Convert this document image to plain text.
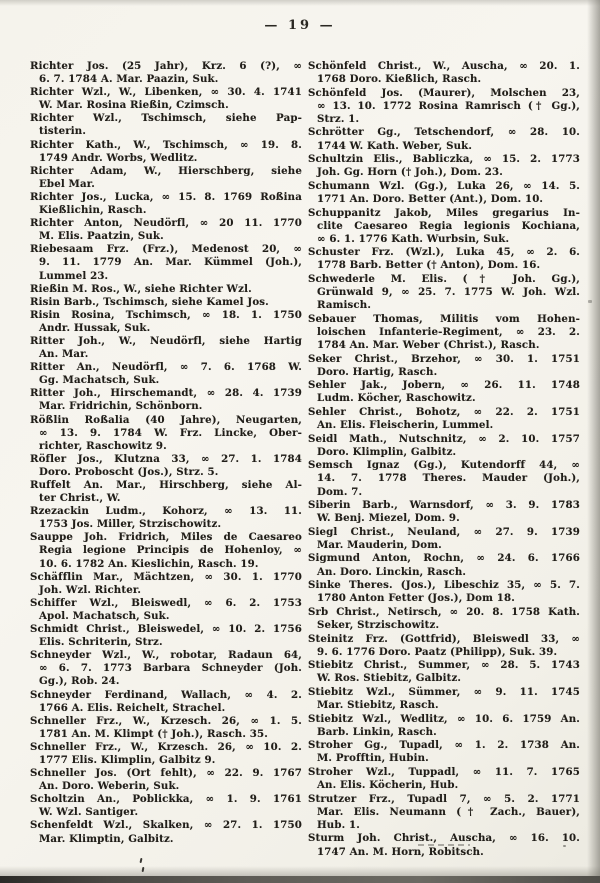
— 19 —
Richter Jos. (25 Jahr), Krz. 6 (?), ∞
6. 7. 1784 A. Mar. Paazin, Suk.
Richter Wzl., W., Libenken, ∞ 30. 4. 1741
W. Mar. Rosina Rießin, Czimsch.
Richter Wzl., Tschimsch, siehe Pap-
tisterin.
Richter Kath., W., Tschimsch, ∞ 19. 8.
1749 Andr. Worbs, Wedlitz.
Richter Adam, W., Hierschberg, siehe
Ebel Mar.
Richter Jos., Lucka, ∞ 15. 8. 1769 Roßina
Kießlichin, Rasch.
Richter Anton, Neudörfl, ∞ 20 11. 1770
M. Elis. Paatzin, Suk.
Riebesaam Frz. (Frz.), Medenost 20, ∞
9. 11. 1779 An. Mar. Kümmel (Joh.),
Lummel 23.
Rießin M. Ros., W., siehe Richter Wzl.
Risin Barb., Tschimsch, siehe Kamel Jos.
Risin Rosina, Tschimsch, ∞ 18. 1. 1750
Andr. Hussak, Suk.
Ritter Joh., W., Neudörfl, siehe Hartig
An. Mar.
Ritter An., Neudörfl, ∞ 7. 6. 1768 W.
Gg. Machatsch, Suk.
Ritter Joh., Hirschemandt, ∞ 28. 4. 1739
Mar. Fridrichin, Schönborn.
Rößlin Roßalia (40 Jahre), Neugarten,
∞ 13. 9. 1784 W. Frz. Lincke, Ober-
richter, Raschowitz 9.
Röfler Jos., Klutzna 33, ∞ 27. 1. 1784
Doro. Proboscht (Jos.), Strz. 5.
Ruffelt An. Mar., Hirschberg, siehe Al-
ter Christ., W.
Rzezackin Ludm., Kohorz, ∞ 13. 11.
1753 Jos. Miller, Strzischowitz.
Sauppe Joh. Fridrich, Miles de Caesareo
Regia legione Principis de Hohenloy, ∞
10. 6. 1782 An. Kieslichin, Rasch. 19.
Schäfflin Mar., Mächtzen, ∞ 30. 1. 1770
Joh. Wzl. Richter.
Schiffer Wzl., Bleiswedl, ∞ 6. 2. 1753
Apol. Machatsch, Suk.
Schmidt Christ., Bleiswedel, ∞ 10. 2. 1756
Elis. Schriterin, Strz.
Schneyder Wzl., W., robotar, Radaun 64,
∞ 6. 7. 1773 Barbara Schneyder (Joh.
Gg.), Rob. 24.
Schneyder Ferdinand, Wallach, ∞ 4. 2.
1766 A. Elis. Reichelt, Strachel.
Schneller Frz., W., Krzesch. 26, ∞ 1. 5.
1781 An. M. Klimpt († Joh.), Rasch. 35.
Schneller Frz., W., Krzesch. 26, ∞ 10. 2.
1777 Elis. Klimplin, Galbitz 9.
Schneller Jos. (Ort fehlt), ∞ 22. 9. 1767
An. Doro. Weberin, Suk.
Scholtzin An., Poblickka, ∞ 1. 9. 1761
W. Wzl. Santiger.
Schenfeldt Wzl., Skalken, ∞ 27. 1. 1750
Mar. Klimptin, Galbitz.
Schönfeld Christ., W., Auscha, ∞ 20. 1.
1768 Doro. Kießlich, Rasch.
Schönfeld Jos. (Maurer), Molschen 23,
∞ 13. 10. 1772 Rosina Ramrisch († Gg.),
Strz. 1.
Schrötter Gg., Tetschendorf, ∞ 28. 10.
1744 W. Kath. Weber, Suk.
Schultzin Elis., Babliczka, ∞ 15. 2. 1773
Joh. Gg. Horn († Joh.), Dom. 23.
Schumann Wzl. (Gg.), Luka 26, ∞ 14. 5.
1771 An. Doro. Better (Ant.), Dom. 10.
Schuppanitz Jakob, Miles gregarius In-
clite Caesareo Regia legionis Kochiana,
∞ 6. 1. 1776 Kath. Wurbsin, Suk.
Schuster Frz. (Wzl.), Luka 45, ∞ 2. 6.
1778 Barb. Better († Anton), Dom. 16.
Schwederle M. Elis. († Joh. Gg.),
Grünwald 9, ∞ 25. 7. 1775 W. Joh. Wzl.
Ramisch.
Sebauer Thomas, Militis vom Hohen-
loischen Infanterie-Regiment, ∞ 23. 2.
1784 An. Mar. Weber (Christ.), Rasch.
Seker Christ., Brzehor, ∞ 30. 1. 1751
Doro. Hartig, Rasch.
Sehler Jak., Jobern, ∞ 26. 11. 1748
Ludm. Köcher, Raschowitz.
Sehler Christ., Bohotz, ∞ 22. 2. 1751
An. Elis. Fleischerin, Lummel.
Seidl Math., Nutschnitz, ∞ 2. 10. 1757
Doro. Klimplin, Galbitz.
Semsch Ignaz (Gg.), Kutendorff 44, ∞
14. 7. 1778 Theres. Mauder (Joh.),
Dom. 7.
Siberin Barb., Warnsdorf, ∞ 3. 9. 1783
W. Benj. Miezel, Dom. 9.
Siegl Christ., Neuland, ∞ 27. 9. 1739
Mar. Mauderin, Dom.
Sigmund Anton, Rochn, ∞ 24. 6. 1766
An. Doro. Linckin, Rasch.
Sinke Theres. (Jos.), Libeschiz 35, ∞ 5. 7.
1780 Anton Fetter (Jos.), Dom 18.
Srb Christ., Netirsch, ∞ 20. 8. 1758 Kath.
Seker, Strzischowitz.
Steinitz Frz. (Gottfrid), Bleiswedl 33, ∞
9. 6. 1776 Doro. Paatz (Philipp), Suk. 39.
Stiebitz Christ., Summer, ∞ 28. 5. 1743
W. Ros. Stiebitz, Galbitz.
Stiebitz Wzl., Sümmer, ∞ 9. 11. 1745
Mar. Stiebitz, Rasch.
Stiebitz Wzl., Wedlitz, ∞ 10. 6. 1759 An.
Barb. Linkin, Rasch.
Stroher Gg., Tupadl, ∞ 1. 2. 1738 An.
M. Profftin, Hubin.
Stroher Wzl., Tuppadl, ∞ 11. 7. 1765
An. Elis. Köcherin, Hub.
Strutzer Frz., Tupadl 7, ∞ 5. 2. 1771
Mar. Elis. Neumann († Zach., Bauer),
Hub. 1.
Sturm Joh. Christ., Auscha, ∞ 16. 10.
1747 An. M. Horn, Robitsch.
